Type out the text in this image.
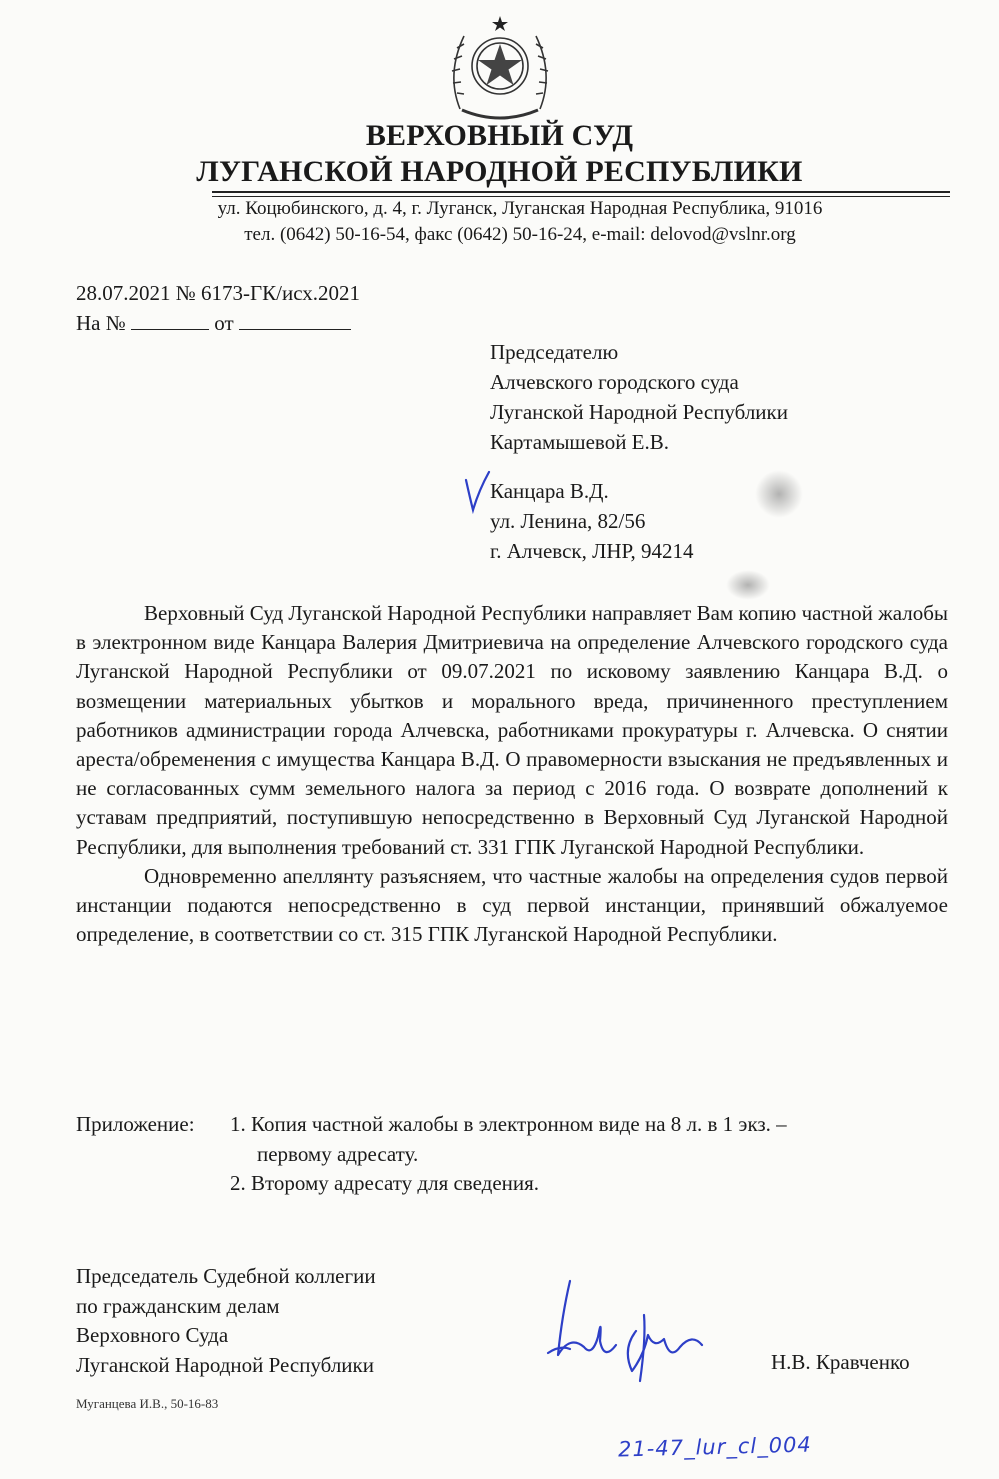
ВЕРХОВНЫЙ СУД
ЛУГАНСКОЙ НАРОДНОЙ РЕСПУБЛИКИ
ул. Коцюбинского, д. 4, г. Луганск, Луганская Народная Республика, 91016
тел. (0642) 50-16-54, факс (0642) 50-16-24, e-mail: delovod@vslnr.org
28.07.2021 № 6173-ГК/исх.2021
На №	от
Председателю
Алчевского городского суда
Луганской Народной Республики
Картамышевой Е.В.
Канцара В.Д.
ул. Ленина, 82/56
г. Алчевск, ЛНР, 94214

Верховный Суд Луганской Народной Республики направляет Вам копию частной жалобы в электронном виде Канцара Валерия Дмитриевича на определение Алчевского городского суда Луганской Народной Республики от 09.07.2021 по исковому заявлению Канцара В.Д. о возмещении материальных убытков и морального вреда, причиненного преступлением работников администрации города Алчевска, работниками прокуратуры г. Алчевска. О снятии ареста/обременения с имущества Канцара В.Д. О правомерности взыскания не предъявленных и не согласованных сумм земельного налога за период с 2016 года. О возврате дополнений к уставам предприятий, поступившую непосредственно в Верховный Суд Луганской Народной Республики, для выполнения требований ст. 331 ГПК Луганской Народной Республики.

Одновременно апеллянту разъясняем, что частные жалобы на определения судов первой инстанции подаются непосредственно в суд первой инстанции, принявший обжалуемое определение, в соответствии со ст. 315 ГПК Луганской Народной Республики.

Приложение:	1. Копия частной жалобы в электронном виде на 8 л. в 1 экз. –
первому адресату.
2. Второму адресату для сведения.
Председатель Судебной коллегии
по гражданским делам
Верховного Суда
Луганской Народной Республики	Н.В. Кравченко
Муганцева И.В., 50-16-83
21-47_lur_cl_004
